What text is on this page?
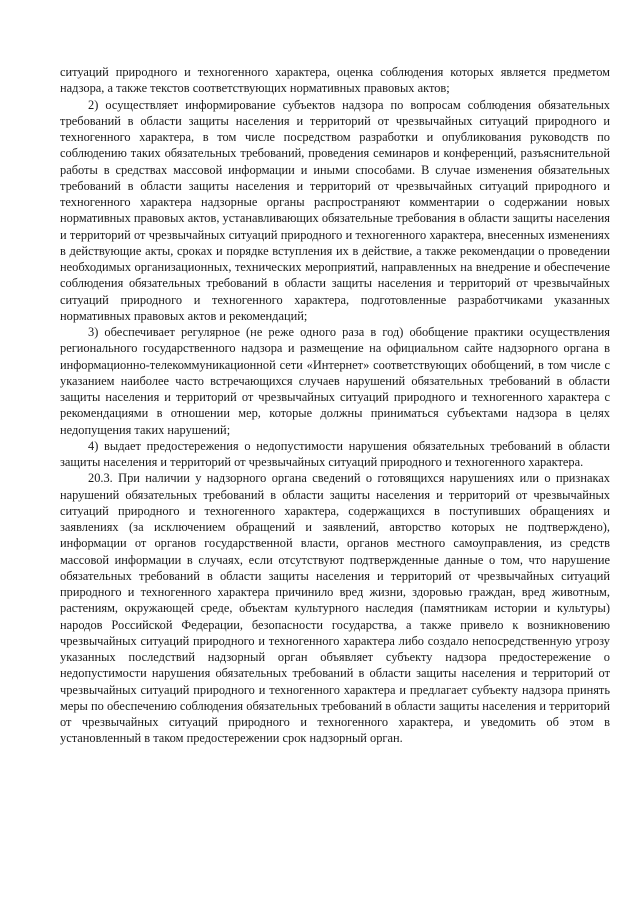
ситуаций природного и техногенного характера, оценка соблюдения которых является предметом надзора, а также текстов соответствующих нормативных правовых актов;

2) осуществляет информирование субъектов надзора по вопросам соблюдения обязательных требований в области защиты населения и территорий от чрезвычайных ситуаций природного и техногенного характера, в том числе посредством разработки и опубликования руководств по соблюдению таких обязательных требований, проведения семинаров и конференций, разъяснительной работы в средствах массовой информации и иными способами. В случае изменения обязательных требований в области защиты населения и территорий от чрезвычайных ситуаций природного и техногенного характера надзорные органы распространяют комментарии о содержании новых нормативных правовых актов, устанавливающих обязательные требования в области защиты населения и территорий от чрезвычайных ситуаций природного и техногенного характера, внесенных изменениях в действующие акты, сроках и порядке вступления их в действие, а также рекомендации о проведении необходимых организационных, технических мероприятий, направленных на внедрение и обеспечение соблюдения обязательных требований в области защиты населения и территорий от чрезвычайных ситуаций природного и техногенного характера, подготовленные разработчиками указанных нормативных правовых актов и рекомендаций;

3) обеспечивает регулярное (не реже одного раза в год) обобщение практики осуществления регионального государственного надзора и размещение на официальном сайте надзорного органа в информационно-телекоммуникационной сети «Интернет» соответствующих обобщений, в том числе с указанием наиболее часто встречающихся случаев нарушений обязательных требований в области защиты населения и территорий от чрезвычайных ситуаций природного и техногенного характера с рекомендациями в отношении мер, которые должны приниматься субъектами надзора в целях недопущения таких нарушений;

4) выдает предостережения о недопустимости нарушения обязательных требований в области защиты населения и территорий от чрезвычайных ситуаций природного и техногенного характера.

20.3. При наличии у надзорного органа сведений о готовящихся нарушениях или о признаках нарушений обязательных требований в области защиты населения и территорий от чрезвычайных ситуаций природного и техногенного характера, содержащихся в поступивших обращениях и заявлениях (за исключением обращений и заявлений, авторство которых не подтверждено), информации от органов государственной власти, органов местного самоуправления, из средств массовой информации в случаях, если отсутствуют подтвержденные данные о том, что нарушение обязательных требований в области защиты населения и территорий от чрезвычайных ситуаций природного и техногенного характера причинило вред жизни, здоровью граждан, вред животным, растениям, окружающей среде, объектам культурного наследия (памятникам истории и культуры) народов Российской Федерации, безопасности государства, а также привело к возникновению чрезвычайных ситуаций природного и техногенного характера либо создало непосредственную угрозу указанных последствий надзорный орган объявляет субъекту надзора предостережение о недопустимости нарушения обязательных требований в области защиты населения и территорий от чрезвычайных ситуаций природного и техногенного характера и предлагает субъекту надзора принять меры по обеспечению соблюдения обязательных требований в области защиты населения и территорий от чрезвычайных ситуаций природного и техногенного характера, и уведомить об этом в установленный в таком предостережении срок надзорный орган.
